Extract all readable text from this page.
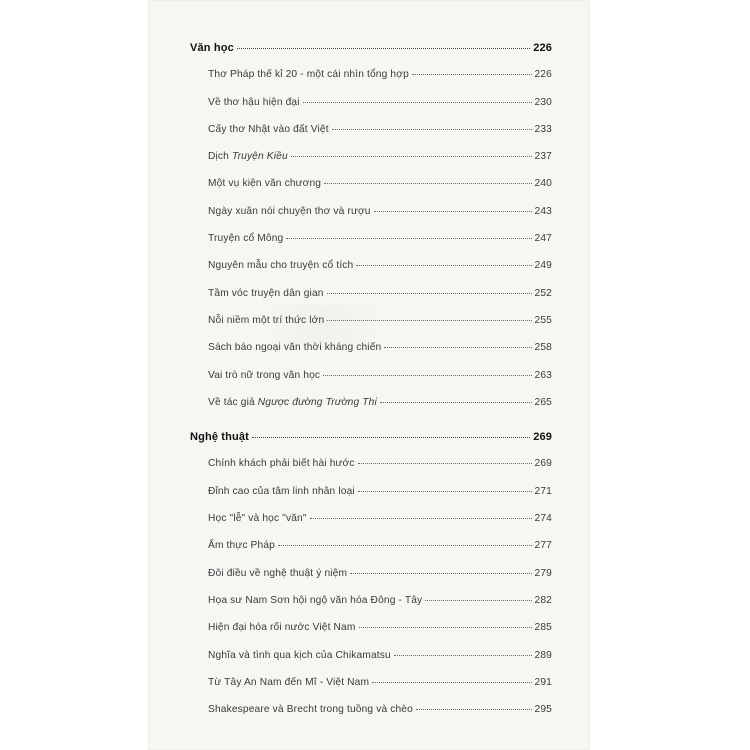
Văn học	226
Thơ Pháp thế kỉ 20 - một cái nhìn tổng hợp	226
Về thơ hậu hiện đại	230
Cấy thơ Nhật vào đất Việt	233
Dịch Truyện Kiều	237
Một vụ kiện văn chương	240
Ngày xuân nói chuyện thơ và rượu	243
Truyện cổ Mông	247
Nguyên mẫu cho truyện cổ tích	249
Tầm vóc truyện dân gian	252
Nỗi niềm một trí thức lớn	255
Sách báo ngoại văn thời kháng chiến	258
Vai trò nữ trong văn học	263
Về tác giả Ngược đường Trường Thi	265
Nghệ thuật	269
Chính khách phải biết hài hước	269
Đỉnh cao của tâm linh nhân loại	271
Học "lễ" và học "văn"	274
Ẩm thực Pháp	277
Đôi điều về nghệ thuật ý niệm	279
Họa sư Nam Sơn hội ngộ văn hóa Đông - Tây	282
Hiện đại hóa rối nước Việt Nam	285
Nghĩa và tình qua kịch của Chikamatsu	289
Từ Tây An Nam đến Mĩ - Việt Nam	291
Shakespeare và Brecht trong tuồng và chèo	295
